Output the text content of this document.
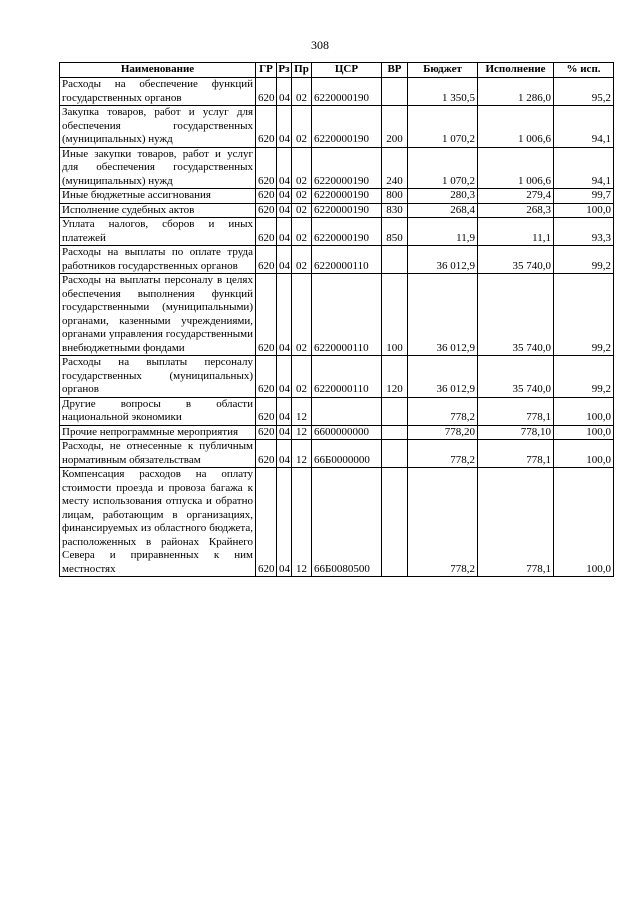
308
Наименование	ГР	Рз	Пр	ЦСР	ВР	Бюджет	Исполнение	% исп.
Расходы на обеспечение функций государственных органов	620	04	02	6220000190		1 350,5	1 286,0	95,2
Закупка товаров, работ и услуг для обеспечения государственных (муниципальных) нужд	620	04	02	6220000190	200	1 070,2	1 006,6	94,1
Иные закупки товаров, работ и услуг для обеспечения государственных (муниципальных) нужд	620	04	02	6220000190	240	1 070,2	1 006,6	94,1
Иные бюджетные ассигнования	620	04	02	6220000190	800	280,3	279,4	99,7
Исполнение судебных актов	620	04	02	6220000190	830	268,4	268,3	100,0
Уплата налогов, сборов и иных платежей	620	04	02	6220000190	850	11,9	11,1	93,3
Расходы на выплаты по оплате труда работников государственных органов	620	04	02	6220000110		36 012,9	35 740,0	99,2
Расходы на выплаты персоналу в целях обеспечения выполнения функций государственными (муниципальными) органами, казенными учреждениями, органами управления государственными внебюджетными фондами	620	04	02	6220000110	100	36 012,9	35 740,0	99,2
Расходы на выплаты персоналу государственных (муниципальных) органов	620	04	02	6220000110	120	36 012,9	35 740,0	99,2
Другие вопросы в области национальной экономики	620	04	12			778,2	778,1	100,0
Прочие непрограммные мероприятия	620	04	12	6600000000		778,20	778,10	100,0
Расходы, не отнесенные к публичным нормативным обязательствам	620	04	12	66Б0000000		778,2	778,1	100,0
Компенсация расходов на оплату стоимости проезда и провоза багажа к месту использования отпуска и обратно лицам, работающим в организациях, финансируемых из областного бюджета, расположенных в районах Крайнего Севера и приравненных к ним местностях	620	04	12	66Б0080500		778,2	778,1	100,0
